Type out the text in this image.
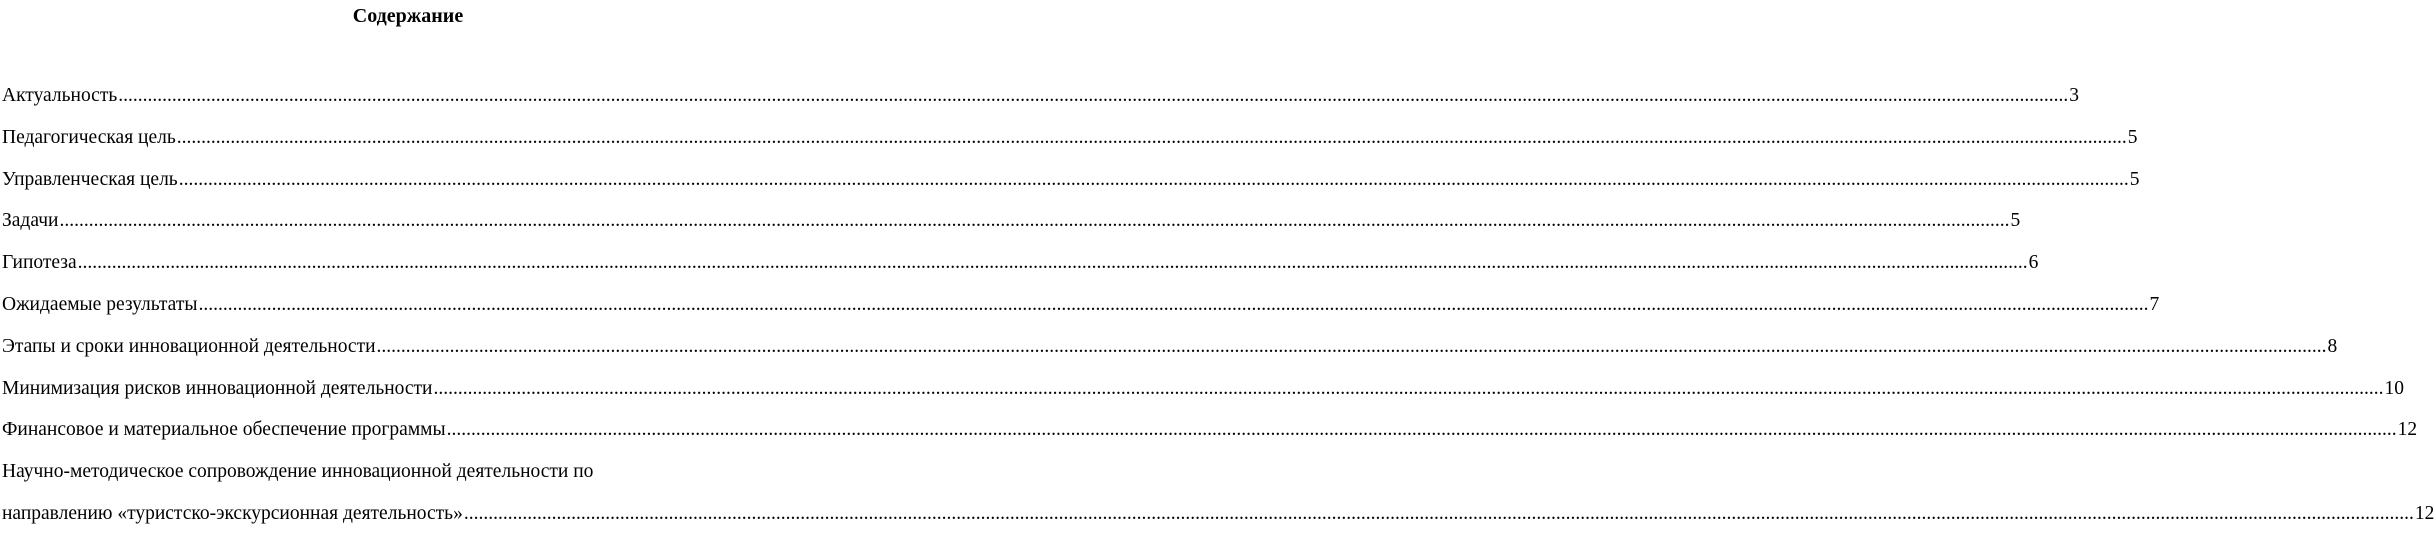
Содержание
Актуальность ................................................................................................................................................................................................................................................................................................................................................................................................................ 3
Педагогическая цель ................................................................................................................................................................................................................................................................................................................................................................................................................ 5
Управленческая цель ................................................................................................................................................................................................................................................................................................................................................................................................................ 5
Задачи ................................................................................................................................................................................................................................................................................................................................................................................................................ 5
Гипотеза ................................................................................................................................................................................................................................................................................................................................................................................................................ 6
Ожидаемые результаты ................................................................................................................................................................................................................................................................................................................................................................................................................ 7
Этапы и сроки инновационной деятельности ................................................................................................................................................................................................................................................................................................................................................................................................................ 8
Минимизация рисков инновационной деятельности ................................................................................................................................................................................................................................................................................................................................................................................................................ 10
Финансовое и материальное обеспечение программы ................................................................................................................................................................................................................................................................................................................................................................................................................ 12
Научно-методическое сопровождение инновационной деятельности по
направлению «туристско-экскурсионная деятельность» ................................................................................................................................................................................................................................................................................................................................................................................................................ 12
